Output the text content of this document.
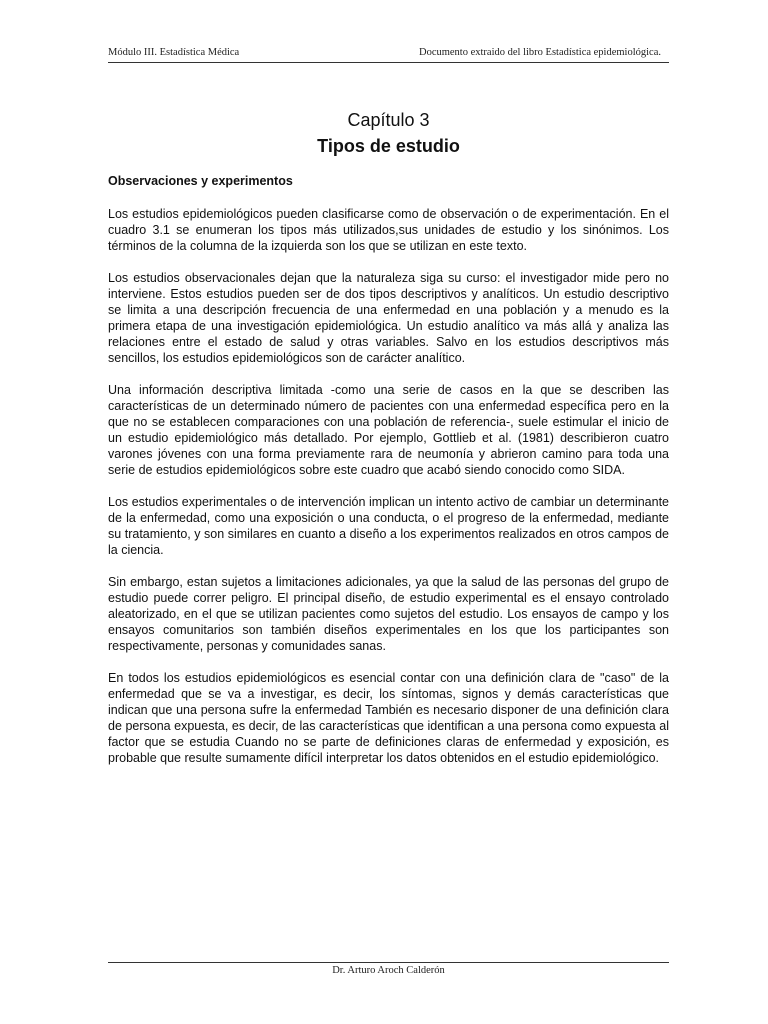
Módulo III. Estadística Médica	Documento extraido del libro Estadística epidemiológica.
Capítulo 3
Tipos de estudio
Observaciones y experimentos

Los estudios epidemiológicos pueden clasificarse como de observación o de experimentación. En el cuadro 3.1 se enumeran los tipos más utilizados,sus unidades de estudio y los sinónimos. Los términos de la columna de la izquierda son los que se utilizan en este texto.

Los estudios observacionales dejan que la naturaleza siga su curso: el investigador mide pero no interviene. Estos estudios pueden ser de dos tipos descriptivos y analíticos. Un estudio descriptivo se limita a una descripción frecuencia de una enfermedad en una población y a menudo es la primera etapa de una investigación epidemiológica. Un estudio analítico va más allá y analiza las relaciones entre el estado de salud y otras variables. Salvo en los estudios descriptivos más sencillos, los estudios epidemiológicos son de carácter analítico.

Una información descriptiva limitada -como una serie de casos en la que se describen las características de un determinado número de pacientes con una enfermedad específica pero en la que no se establecen comparaciones con una población de referencia-, suele estimular el inicio de un estudio epidemiológico más detallado. Por ejemplo, Gottlieb et al. (1981) describieron cuatro varones jóvenes con una forma previamente rara de neumonía y abrieron camino para toda una serie de estudios epidemiológicos sobre este cuadro que acabó siendo conocido como SIDA.

Los estudios experimentales o de intervención implican un intento activo de cambiar un determinante de la enfermedad, como una exposición o una conducta, o el progreso de la enfermedad, mediante su tratamiento, y son similares en cuanto a diseño a los experimentos realizados en otros campos de la ciencia.

Sin embargo, estan sujetos a limitaciones adicionales, ya que la salud de las personas del grupo de estudio puede correr peligro. El principal diseño, de estudio experimental es el ensayo controlado aleatorizado, en el que se utilizan pacientes como sujetos del estudio. Los ensayos de campo y los ensayos comunitarios son también diseños experimentales en los que los participantes son respectivamente, personas y comunidades sanas.

En todos los estudios epidemiológicos es esencial contar con una definición clara de "caso" de la enfermedad que se va a investigar, es decir, los síntomas, signos y demás características que indican que una persona sufre la enfermedad También es necesario disponer de una definición clara de persona expuesta, es decir, de las características que identifican a una persona como expuesta al factor que se estudia Cuando no se parte de definiciones claras de enfermedad y exposición, es probable que resulte sumamente difícil interpretar los datos obtenidos en el estudio epidemiológico.

Dr. Arturo Aroch Calderón
